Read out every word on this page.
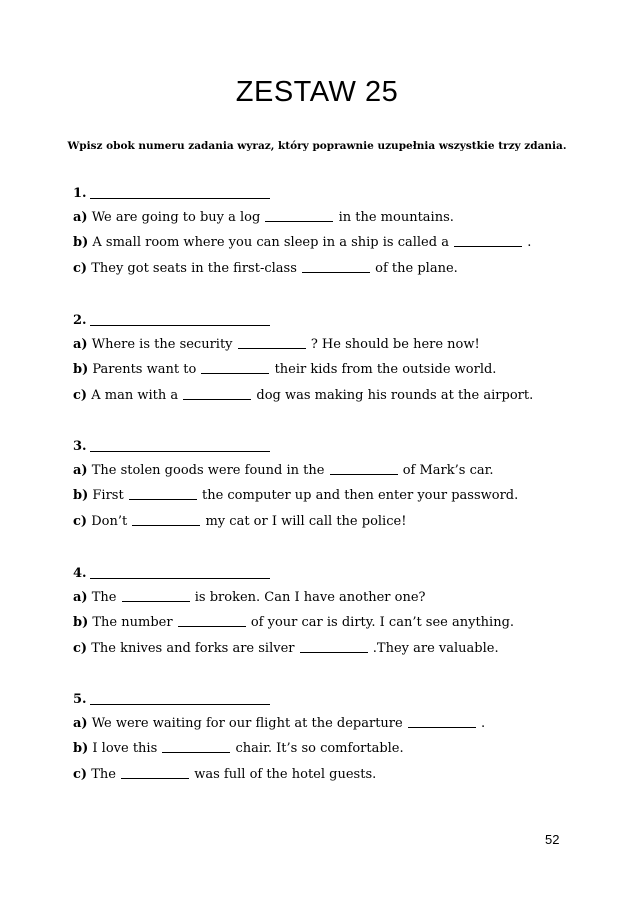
ZESTAW 25
Wpisz obok numeru zadania wyraz, który poprawnie uzupełnia wszystkie trzy zdania.
1.
a) We are going to buy a log	in the mountains.
b) A small room where you can sleep in a ship is called a	.
c) They got seats in the first-class	of the plane.
2.
a) Where is the security	? He should be here now!
b) Parents want to	their kids from the outside world.
c) A man with a	dog was making his rounds at the airport.
3.
a) The stolen goods were found in the	of Mark’s car.
b) First	the computer up and then enter your password.
c) Don’t	my cat or I will call the police!
4.
a) The	is broken. Can I have another one?
b) The number	of your car is dirty. I can’t see anything.
c) The knives and forks are silver	.They are valuable.
5.
a) We were waiting for our flight at the departure	.
b) I love this	chair. It’s so comfortable.
c) The	was full of the hotel guests.
52
